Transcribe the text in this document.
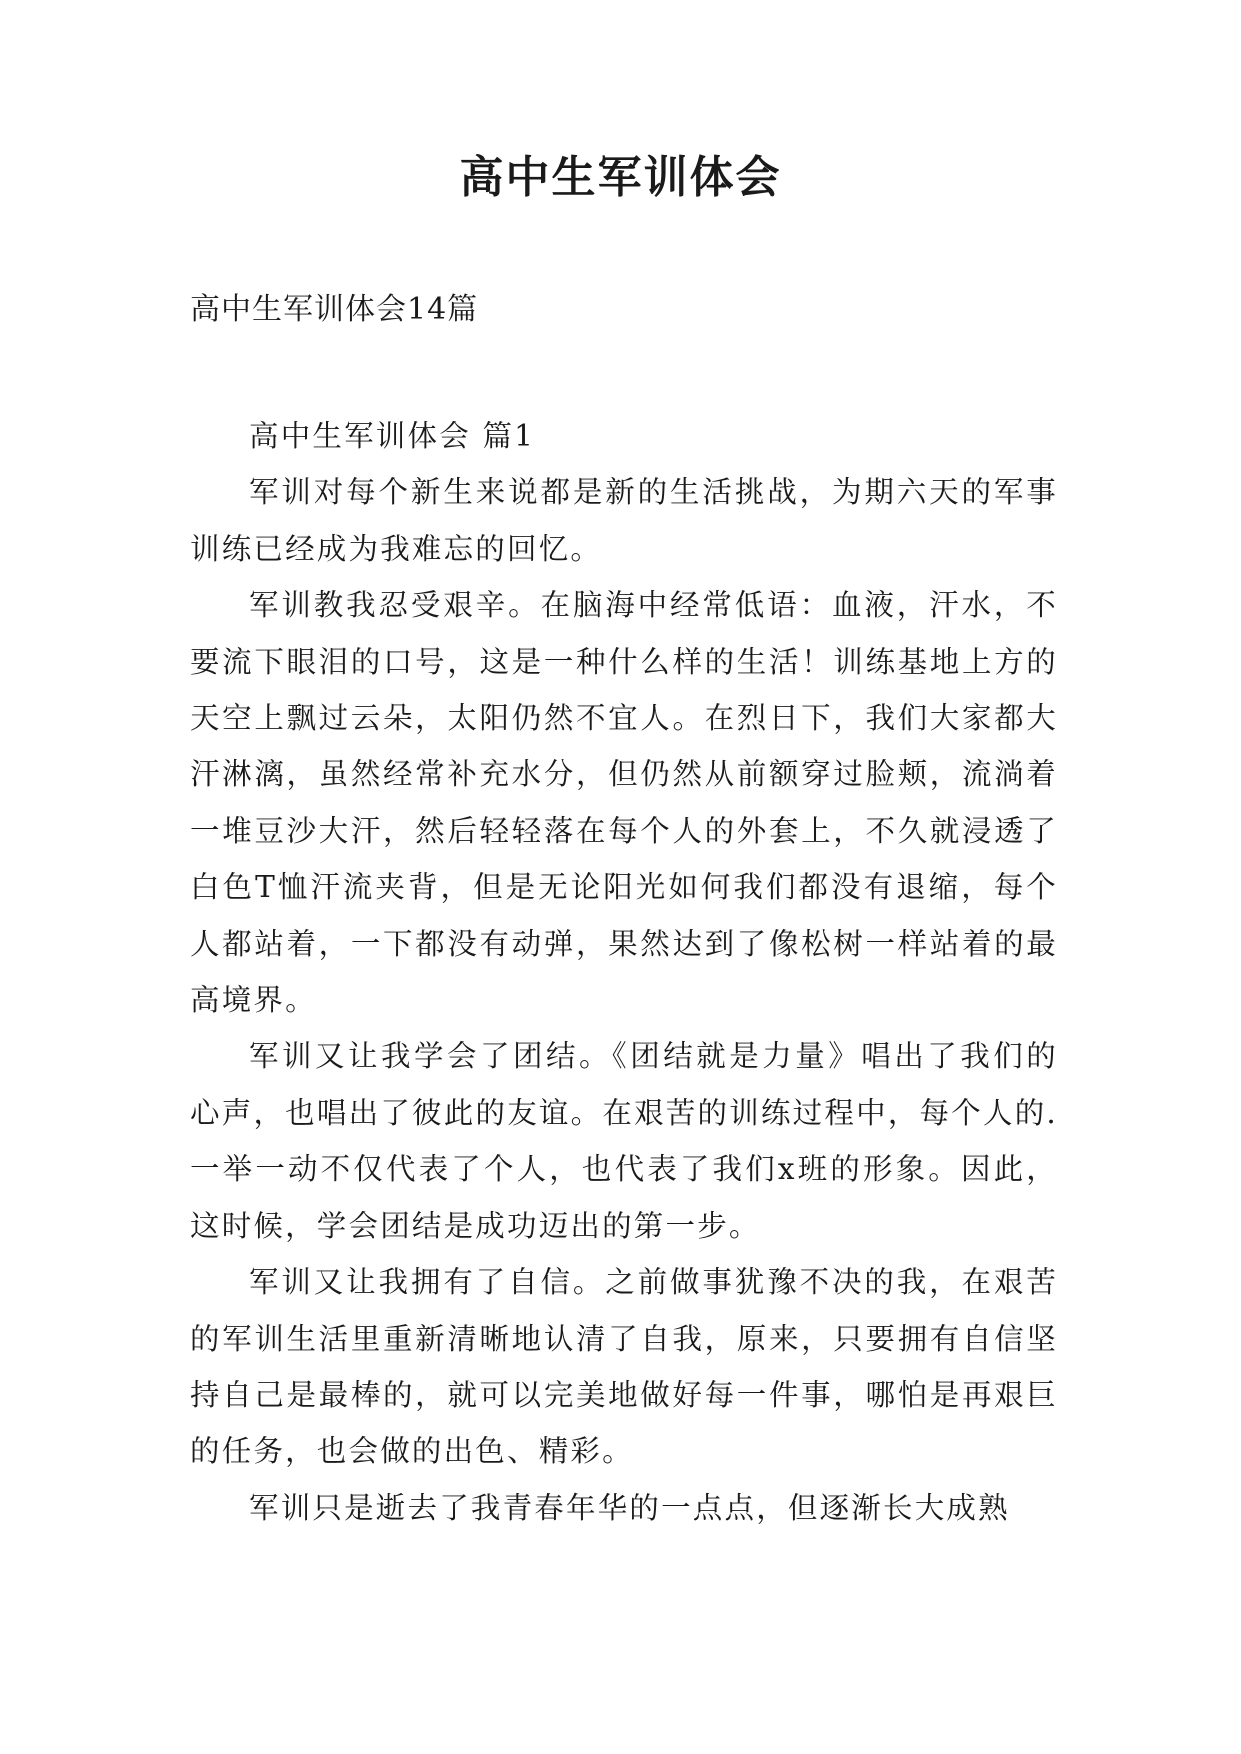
高中生军训体会

高中生军训体会14篇

高中生军训体会 篇1

军训对每个新生来说都是新的生活挑战，为期六天的军事训练已经成为我难忘的回忆。

军训教我忍受艰辛。在脑海中经常低语：血液，汗水，不要流下眼泪的口号，这是一种什么样的生活！训练基地上方的天空上飘过云朵，太阳仍然不宜人。在烈日下，我们大家都大汗淋漓，虽然经常补充水分，但仍然从前额穿过脸颊，流淌着一堆豆沙大汗，然后轻轻落在每个人的外套上，不久就浸透了白色T恤汗流夹背，但是无论阳光如何我们都没有退缩，每个人都站着，一下都没有动弹，果然达到了像松树一样站着的最高境界。

军训又让我学会了团结。《团结就是力量》唱出了我们的心声，也唱出了彼此的友谊。在艰苦的训练过程中，每个人的.一举一动不仅代表了个人，也代表了我们x班的形象。因此，这时候，学会团结是成功迈出的第一步。

军训又让我拥有了自信。之前做事犹豫不决的我，在艰苦的军训生活里重新清晰地认清了自我，原来，只要拥有自信坚持自己是最棒的，就可以完美地做好每一件事，哪怕是再艰巨的任务，也会做的出色、精彩。

军训只是逝去了我青春年华的一点点，但逐渐长大成熟
